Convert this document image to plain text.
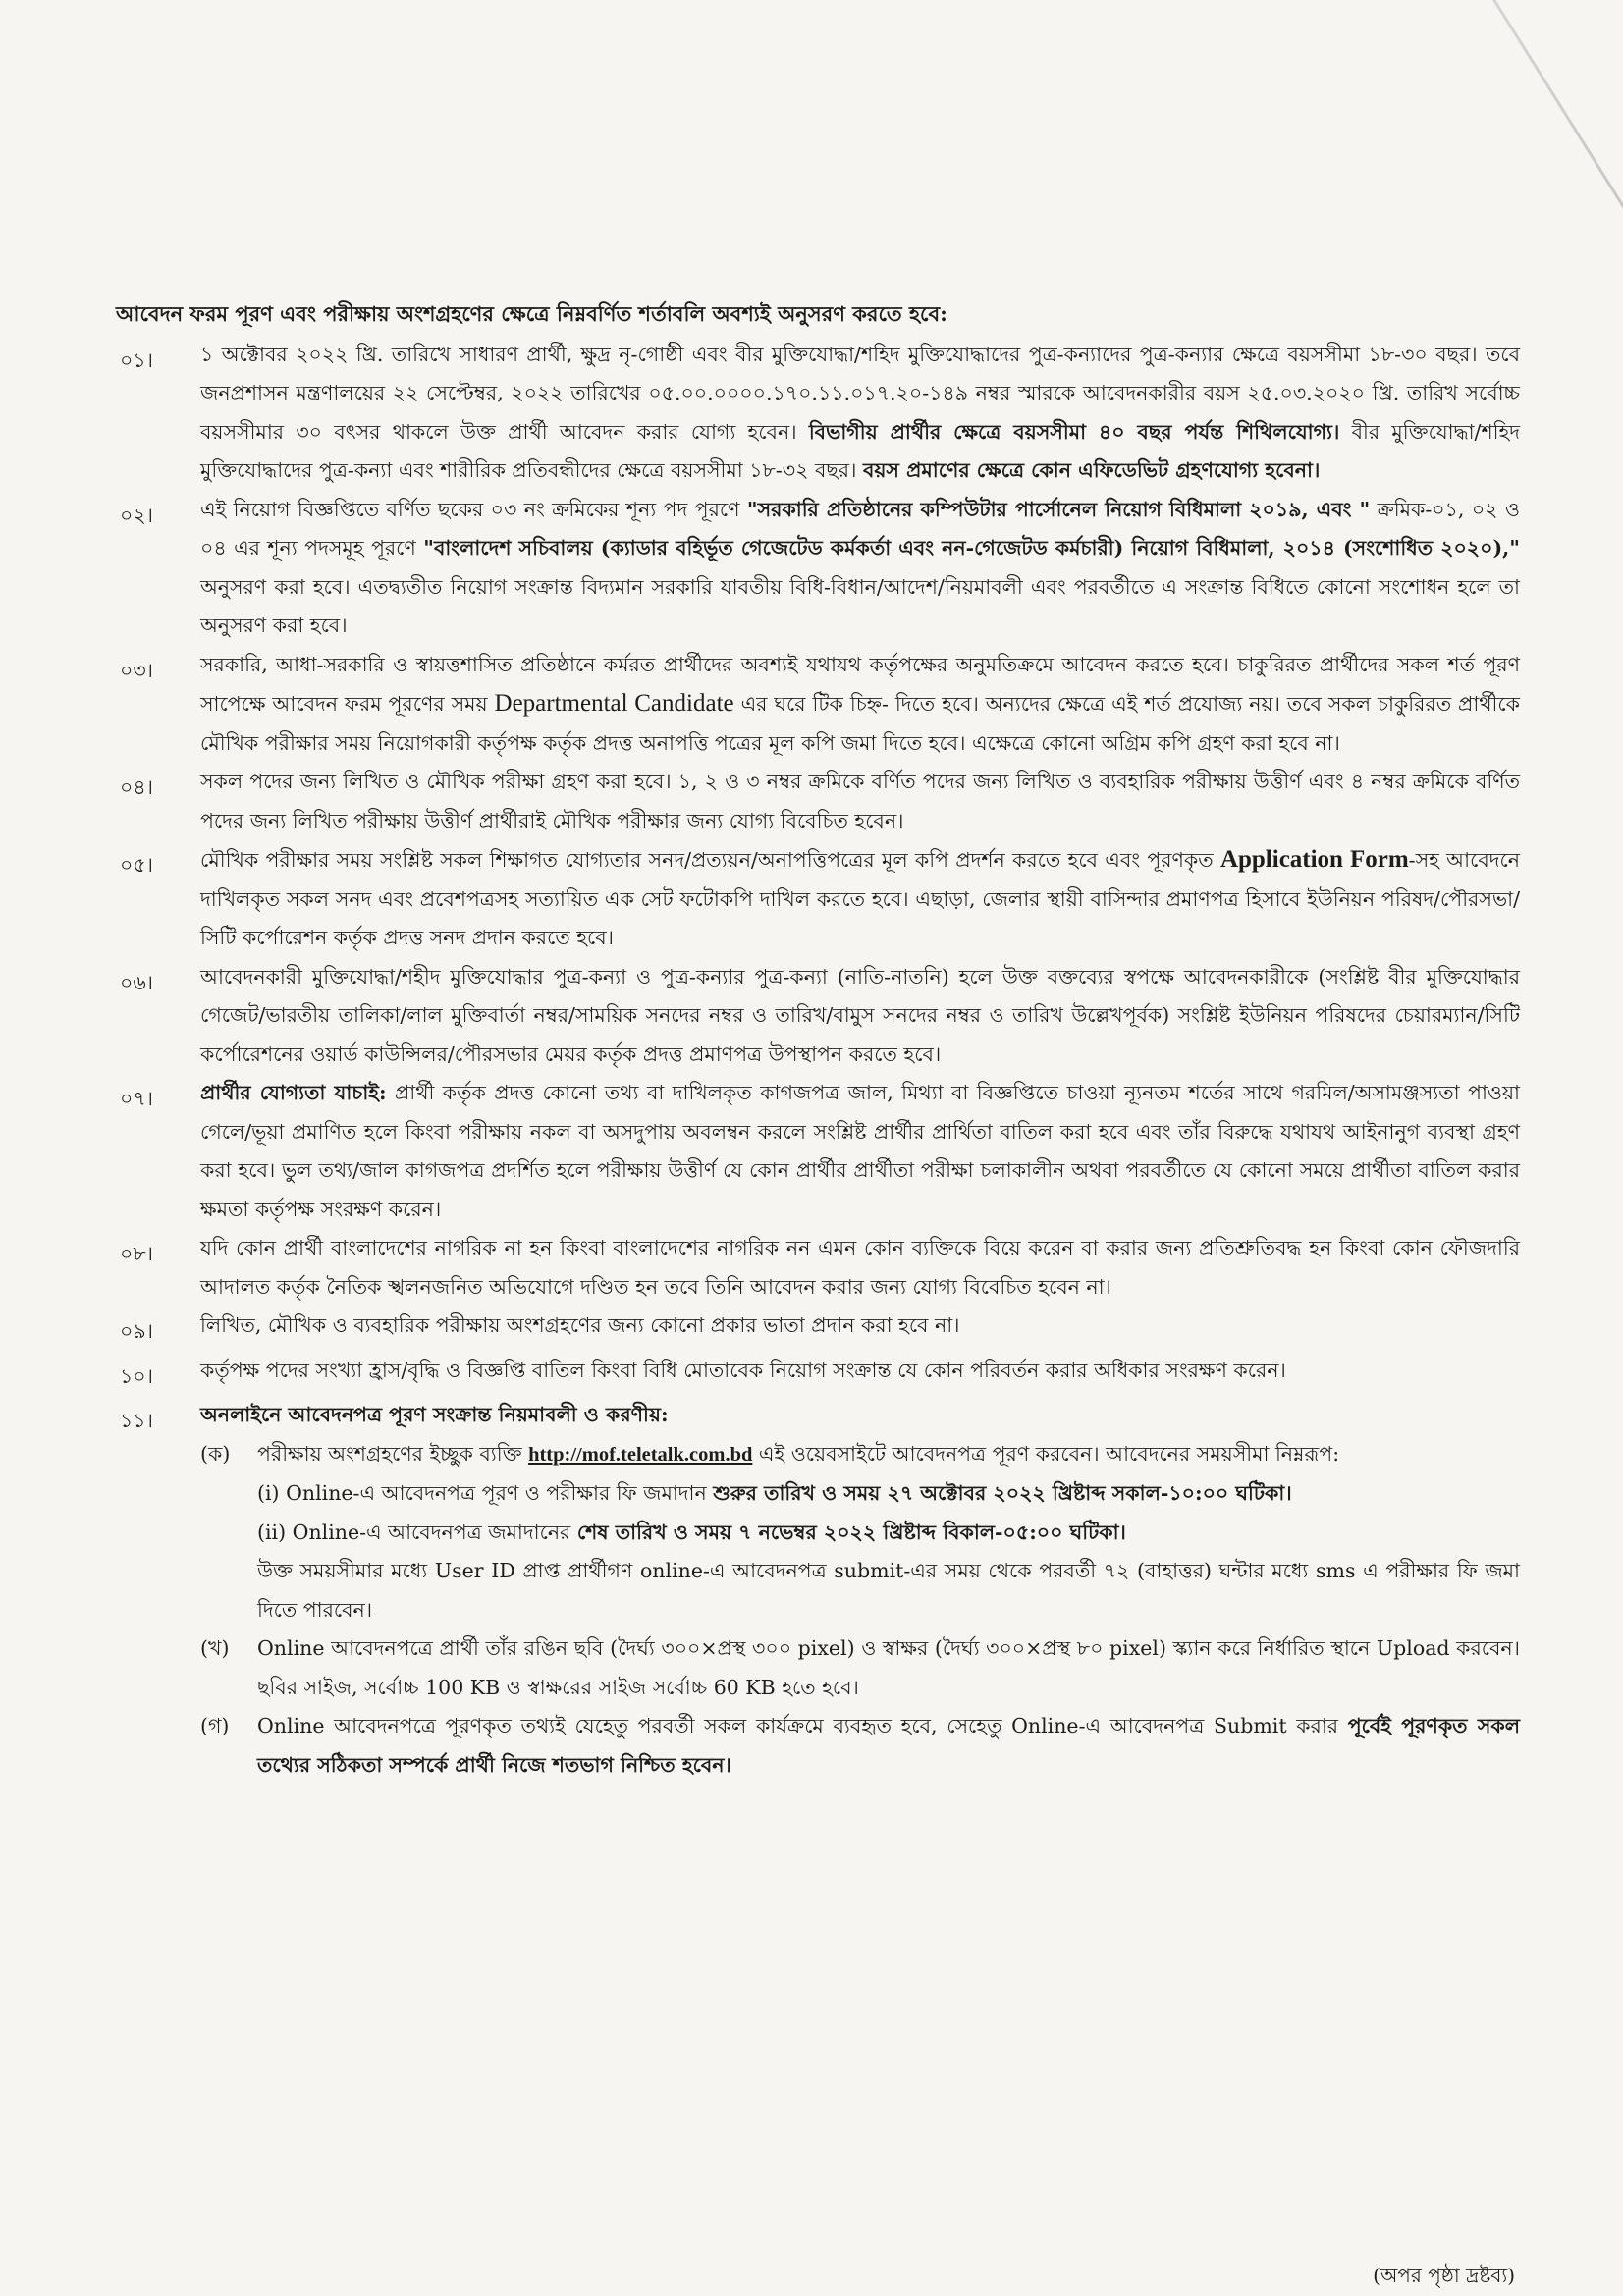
আবেদন ফরম পূরণ এবং পরীক্ষায় অংশগ্রহণের ক্ষেত্রে নিম্নবর্ণিত শর্তাবলি অবশ্যই অনুসরণ করতে হবে:
০১।	১ অক্টোবর ২০২২ খ্রি. তারিখে সাধারণ প্রার্থী, ক্ষুদ্র নৃ-গোষ্ঠী এবং বীর মুক্তিযোদ্ধা/শহিদ মুক্তিযোদ্ধাদের পুত্র-কন্যাদের পুত্র-কন্যার ক্ষেত্রে বয়সসীমা ১৮-৩০ বছর। তবে জনপ্রশাসন মন্ত্রণালয়ের ২২ সেপ্টেম্বর, ২০২২ তারিখের ০৫.০০.০০০০.১৭০.১১.০১৭.২০-১৪৯ নম্বর স্মারকে আবেদনকারীর বয়স ২৫.০৩.২০২০ খ্রি. তারিখ সর্বোচ্চ বয়সসীমার ৩০ বৎসর থাকলে উক্ত প্রার্থী আবেদন করার যোগ্য হবেন। বিভাগীয় প্রার্থীর ক্ষেত্রে বয়সসীমা ৪০ বছর পর্যন্ত শিথিলযোগ্য। বীর মুক্তিযোদ্ধা/শহিদ মুক্তিযোদ্ধাদের পুত্র-কন্যা এবং শারীরিক প্রতিবন্ধীদের ক্ষেত্রে বয়সসীমা ১৮-৩২ বছর। বয়স প্রমাণের ক্ষেত্রে কোন এফিডেভিট গ্রহণযোগ্য হবেনা।
০২।	এই নিয়োগ বিজ্ঞপ্তিতে বর্ণিত ছকের ০৩ নং ক্রমিকের শূন্য পদ পূরণে "সরকারি প্রতিষ্ঠানের কম্পিউটার পার্সোনেল নিয়োগ বিধিমালা ২০১৯, এবং " ক্রমিক-০১, ০২ ও ০৪ এর শূন্য পদসমূহ পূরণে "বাংলাদেশ সচিবালয় (ক্যাডার বহির্ভূত গেজেটেড কর্মকর্তা এবং নন-গেজেটড কর্মচারী) নিয়োগ বিধিমালা, ২০১৪ (সংশোধিত ২০২০)," অনুসরণ করা হবে। এতদ্ব্যতীত নিয়োগ সংক্রান্ত বিদ্যমান সরকারি যাবতীয় বিধি-বিধান/আদেশ/নিয়মাবলী এবং পরবর্তীতে এ সংক্রান্ত বিধিতে কোনো সংশোধন হলে তা অনুসরণ করা হবে।
০৩।	সরকারি, আধা-সরকারি ও স্বায়ত্তশাসিত প্রতিষ্ঠানে কর্মরত প্রার্থীদের অবশ্যই যথাযথ কর্তৃপক্ষের অনুমতিক্রমে আবেদন করতে হবে। চাকুরিরত প্রার্থীদের সকল শর্ত পূরণ সাপেক্ষে আবেদন ফরম পূরণের সময় Departmental Candidate এর ঘরে টিক চিহ্ন- দিতে হবে। অন্যদের ক্ষেত্রে এই শর্ত প্রযোজ্য নয়। তবে সকল চাকুরিরত প্রার্থীকে মৌখিক পরীক্ষার সময় নিয়োগকারী কর্তৃপক্ষ কর্তৃক প্রদত্ত অনাপত্তি পত্রের মূল কপি জমা দিতে হবে। এক্ষেত্রে কোনো অগ্রিম কপি গ্রহণ করা হবে না।
০৪।	সকল পদের জন্য লিখিত ও মৌখিক পরীক্ষা গ্রহণ করা হবে। ১, ২ ও ৩ নম্বর ক্রমিকে বর্ণিত পদের জন্য লিখিত ও ব্যবহারিক পরীক্ষায় উত্তীর্ণ এবং ৪ নম্বর ক্রমিকে বর্ণিত পদের জন্য লিখিত পরীক্ষায় উত্তীর্ণ প্রার্থীরাই মৌখিক পরীক্ষার জন্য যোগ্য বিবেচিত হবেন।
০৫।	মৌখিক পরীক্ষার সময় সংশ্লিষ্ট সকল শিক্ষাগত যোগ্যতার সনদ/প্রত্যয়ন/অনাপত্তিপত্রের মূল কপি প্রদর্শন করতে হবে এবং পূরণকৃত Application Form-সহ আবেদনে দাখিলকৃত সকল সনদ এবং প্রবেশপত্রসহ সত্যায়িত এক সেট ফটোকপি দাখিল করতে হবে। এছাড়া, জেলার স্থায়ী বাসিন্দার প্রমাণপত্র হিসাবে ইউনিয়ন পরিষদ/পৌরসভা/সিটি কর্পোরেশন কর্তৃক প্রদত্ত সনদ প্রদান করতে হবে।
০৬।	আবেদনকারী মুক্তিযোদ্ধা/শহীদ মুক্তিযোদ্ধার পুত্র-কন্যা ও পুত্র-কন্যার পুত্র-কন্যা (নাতি-নাতনি) হলে উক্ত বক্তব্যের স্বপক্ষে আবেদনকারীকে (সংশ্লিষ্ট বীর মুক্তিযোদ্ধার গেজেট/ভারতীয় তালিকা/লাল মুক্তিবার্তা নম্বর/সাময়িক সনদের নম্বর ও তারিখ/বামুস সনদের নম্বর ও তারিখ উল্লেখপূর্বক) সংশ্লিষ্ট ইউনিয়ন পরিষদের চেয়ারম্যান/সিটি কর্পোরেশনের ওয়ার্ড কাউন্সিলর/পৌরসভার মেয়র কর্তৃক প্রদত্ত প্রমাণপত্র উপস্থাপন করতে হবে।
০৭।	প্রার্থীর যোগ্যতা যাচাই: প্রার্থী কর্তৃক প্রদত্ত কোনো তথ্য বা দাখিলকৃত কাগজপত্র জাল, মিথ্যা বা বিজ্ঞপ্তিতে চাওয়া ন্যূনতম শর্তের সাথে গরমিল/অসামঞ্জস্যতা পাওয়া গেলে/ভূয়া প্রমাণিত হলে কিংবা পরীক্ষায় নকল বা অসদুপায় অবলম্বন করলে সংশ্লিষ্ট প্রার্থীর প্রার্থিতা বাতিল করা হবে এবং তাঁর বিরুদ্ধে যথাযথ আইনানুগ ব্যবস্থা গ্রহণ করা হবে। ভুল তথ্য/জাল কাগজপত্র প্রদর্শিত হলে পরীক্ষায় উত্তীর্ণ যে কোন প্রার্থীর প্রার্থীতা পরীক্ষা চলাকালীন অথবা পরবর্তীতে যে কোনো সময়ে প্রার্থীতা বাতিল করার ক্ষমতা কর্তৃপক্ষ সংরক্ষণ করেন।
০৮।	যদি কোন প্রার্থী বাংলাদেশের নাগরিক না হন কিংবা বাংলাদেশের নাগরিক নন এমন কোন ব্যক্তিকে বিয়ে করেন বা করার জন্য প্রতিশ্রুতিবদ্ধ হন কিংবা কোন ফৌজদারি আদালত কর্তৃক নৈতিক স্খলনজনিত অভিযোগে দণ্ডিত হন তবে তিনি আবেদন করার জন্য যোগ্য বিবেচিত হবেন না।
০৯।	লিখিত, মৌখিক ও ব্যবহারিক পরীক্ষায় অংশগ্রহণের জন্য কোনো প্রকার ভাতা প্রদান করা হবে না।
১০।	কর্তৃপক্ষ পদের সংখ্যা হ্রাস/বৃদ্ধি ও বিজ্ঞপ্তি বাতিল কিংবা বিধি মোতাবেক নিয়োগ সংক্রান্ত যে কোন পরিবর্তন করার অধিকার সংরক্ষণ করেন।
১১।	অনলাইনে আবেদনপত্র পূরণ সংক্রান্ত নিয়মাবলী ও করণীয়:
(ক)	পরীক্ষায় অংশগ্রহণের ইচ্ছুক ব্যক্তি http://mof.teletalk.com.bd এই ওয়েবসাইটে আবেদনপত্র পূরণ করবেন। আবেদনের সময়সীমা নিম্নরূপ:
(i) Online-এ আবেদনপত্র পূরণ ও পরীক্ষার ফি জমাদান শুরুর তারিখ ও সময় ২৭ অক্টোবর ২০২২ খ্রিষ্টাব্দ সকাল-১০:০০ ঘটিকা।
(ii) Online-এ আবেদনপত্র জমাদানের শেষ তারিখ ও সময় ৭ নভেম্বর ২০২২ খ্রিষ্টাব্দ বিকাল-০৫:০০ ঘটিকা।
উক্ত সময়সীমার মধ্যে User ID প্রাপ্ত প্রার্থীগণ online-এ আবেদনপত্র submit-এর সময় থেকে পরবর্তী ৭২ (বাহাত্তর) ঘন্টার মধ্যে sms এ পরীক্ষার ফি জমা দিতে পারবেন।
(খ)	Online আবেদনপত্রে প্রার্থী তাঁর রঙিন ছবি (দৈর্ঘ্য ৩০০×প্রস্থ ৩০০ pixel) ও স্বাক্ষর (দৈর্ঘ্য ৩০০×প্রস্থ ৮০ pixel) স্ক্যান করে নির্ধারিত স্থানে Upload করবেন। ছবির সাইজ, সর্বোচ্চ 100 KB ও স্বাক্ষরের সাইজ সর্বোচ্চ 60 KB হতে হবে।
(গ)	Online আবেদনপত্রে পূরণকৃত তথ্যই যেহেতু পরবর্তী সকল কার্যক্রমে ব্যবহৃত হবে, সেহেতু Online-এ আবেদনপত্র Submit করার পূর্বেই পূরণকৃত সকল তথ্যের সঠিকতা সম্পর্কে প্রার্থী নিজে শতভাগ নিশ্চিত হবেন।
(অপর পৃষ্ঠা দ্রষ্টব্য)
